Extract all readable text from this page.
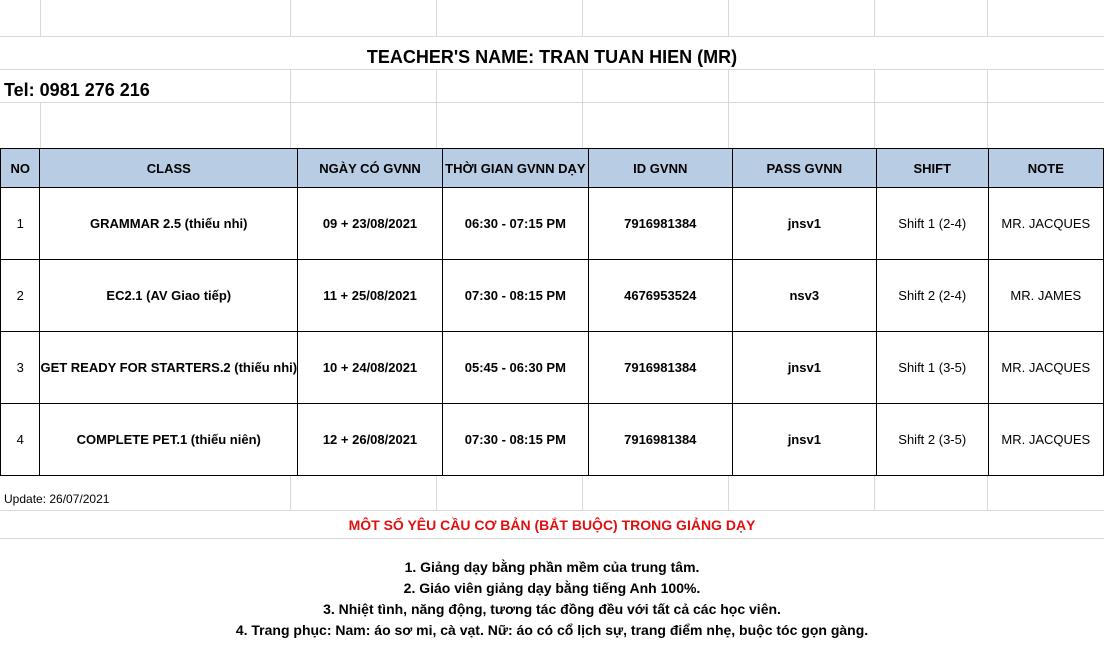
TEACHER'S NAME: TRAN TUAN HIEN (MR)
Tel: 0981 276 216
NO	CLASS	NGÀY CÓ GVNN	THỜI GIAN GVNN DẠY	ID GVNN	PASS GVNN	SHIFT	NOTE
1	GRAMMAR 2.5 (thiếu nhi)	09 + 23/08/2021	06:30 - 07:15 PM	7916981384	jnsv1	Shift 1 (2-4)	MR. JACQUES
2	EC2.1 (AV Giao tiếp)	11 + 25/08/2021	07:30 - 08:15 PM	4676953524	nsv3	Shift 2 (2-4)	MR. JAMES
3	GET READY FOR STARTERS.2 (thiếu nhi)	10 + 24/08/2021	05:45 - 06:30 PM	7916981384	jnsv1	Shift 1 (3-5)	MR. JACQUES
4	COMPLETE PET.1 (thiếu niên)	12 + 26/08/2021	07:30 - 08:15 PM	7916981384	jnsv1	Shift 2 (3-5)	MR. JACQUES
Update: 26/07/2021
MÔT SỐ YÊU CẦU CƠ BẢN (BẮT BUỘC) TRONG GIẢNG DẠY
1. Giảng dạy bằng phần mềm của trung tâm.
2. Giáo viên giảng dạy bằng tiếng Anh 100%.
3. Nhiệt tình, năng động, tương tác đồng đều với tất cả các học viên.
4. Trang phục: Nam: áo sơ mi, cà vạt. Nữ: áo có cổ lịch sự, trang điểm nhẹ, buộc tóc gọn gàng.
